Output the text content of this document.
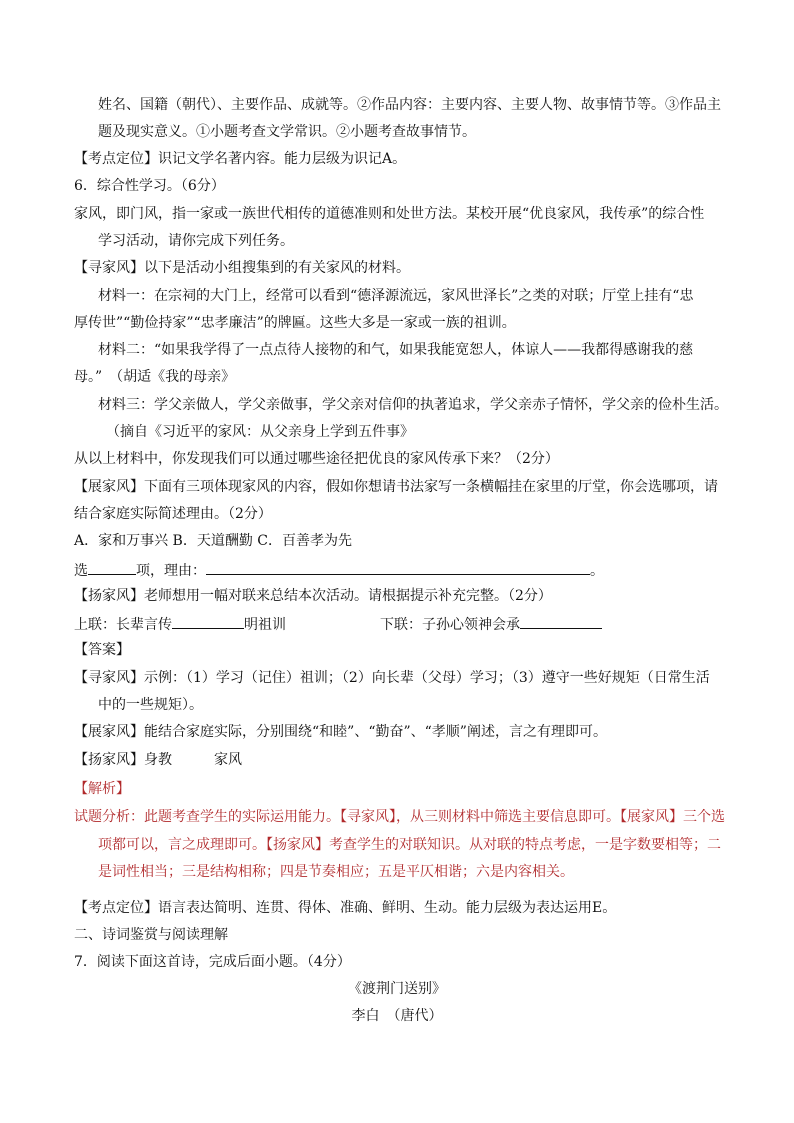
姓名、国籍（朝代）、主要作品、成就等。②作品内容：主要内容、主要人物、故事情节等。③作品主
题及现实意义。①小题考查文学常识。②小题考查故事情节。
【考点定位】识记文学名著内容。能力层级为识记A。
6．综合性学习。（6分）
家风，即门风，指一家或一族世代相传的道德准则和处世方法。某校开展“优良家风，我传承”的综合性
学习活动，请你完成下列任务。
【寻家风】以下是活动小组搜集到的有关家风的材料。
材料一：在宗祠的大门上，经常可以看到“德泽源流远，家风世泽长”之类的对联；厅堂上挂有“忠
厚传世”“勤俭持家”“忠孝廉洁”的牌匾。这些大多是一家或一族的祖训。
材料二：“如果我学得了一点点待人接物的和气，如果我能宽恕人，体谅人——我都得感谢我的慈
母。”　（胡适《我的母亲》
材料三：学父亲做人，学父亲做事，学父亲对信仰的执著追求，学父亲赤子情怀，学父亲的俭朴生活。
（摘自《习近平的家风：从父亲身上学到五件事》
从以上材料中，你发现我们可以通过哪些途径把优良的家风传承下来？（2分）
【展家风】下面有三项体现家风的内容，假如你想请书法家写一条横幅挂在家里的厅堂，你会选哪项，请
结合家庭实际简述理由。（2分）
A．家和万事兴 B．天道酬勤 C．百善孝为先
选	项，理由：	。
【扬家风】老师想用一幅对联来总结本次活动。请根据提示补充完整。（2分）
上联：长辈言传	明祖训	下联：子孙心领神会承
【答案】
【寻家风】示例：（1）学习（记住）祖训；（2）向长辈（父母）学习；（3）遵守一些好规矩（日常生活
中的一些规矩）。
【展家风】能结合家庭实际，分别围绕“和睦”、“勤奋”、“孝顺”阐述，言之有理即可。
【扬家风】身教　　　家风
【解析】
试题分析：此题考查学生的实际运用能力。【寻家风】，从三则材料中筛选主要信息即可。【展家风】三个选
项都可以，言之成理即可。【扬家风】考查学生的对联知识。从对联的特点考虑，一是字数要相等；二
是词性相当；三是结构相称；四是节奏相应；五是平仄相谐；六是内容相关。
【考点定位】语言表达简明、连贯、得体、准确、鲜明、生动。能力层级为表达运用E。
二、诗词鉴赏与阅读理解
7．阅读下面这首诗，完成后面小题。（4分）
《渡荆门送别》
李白　（唐代）
